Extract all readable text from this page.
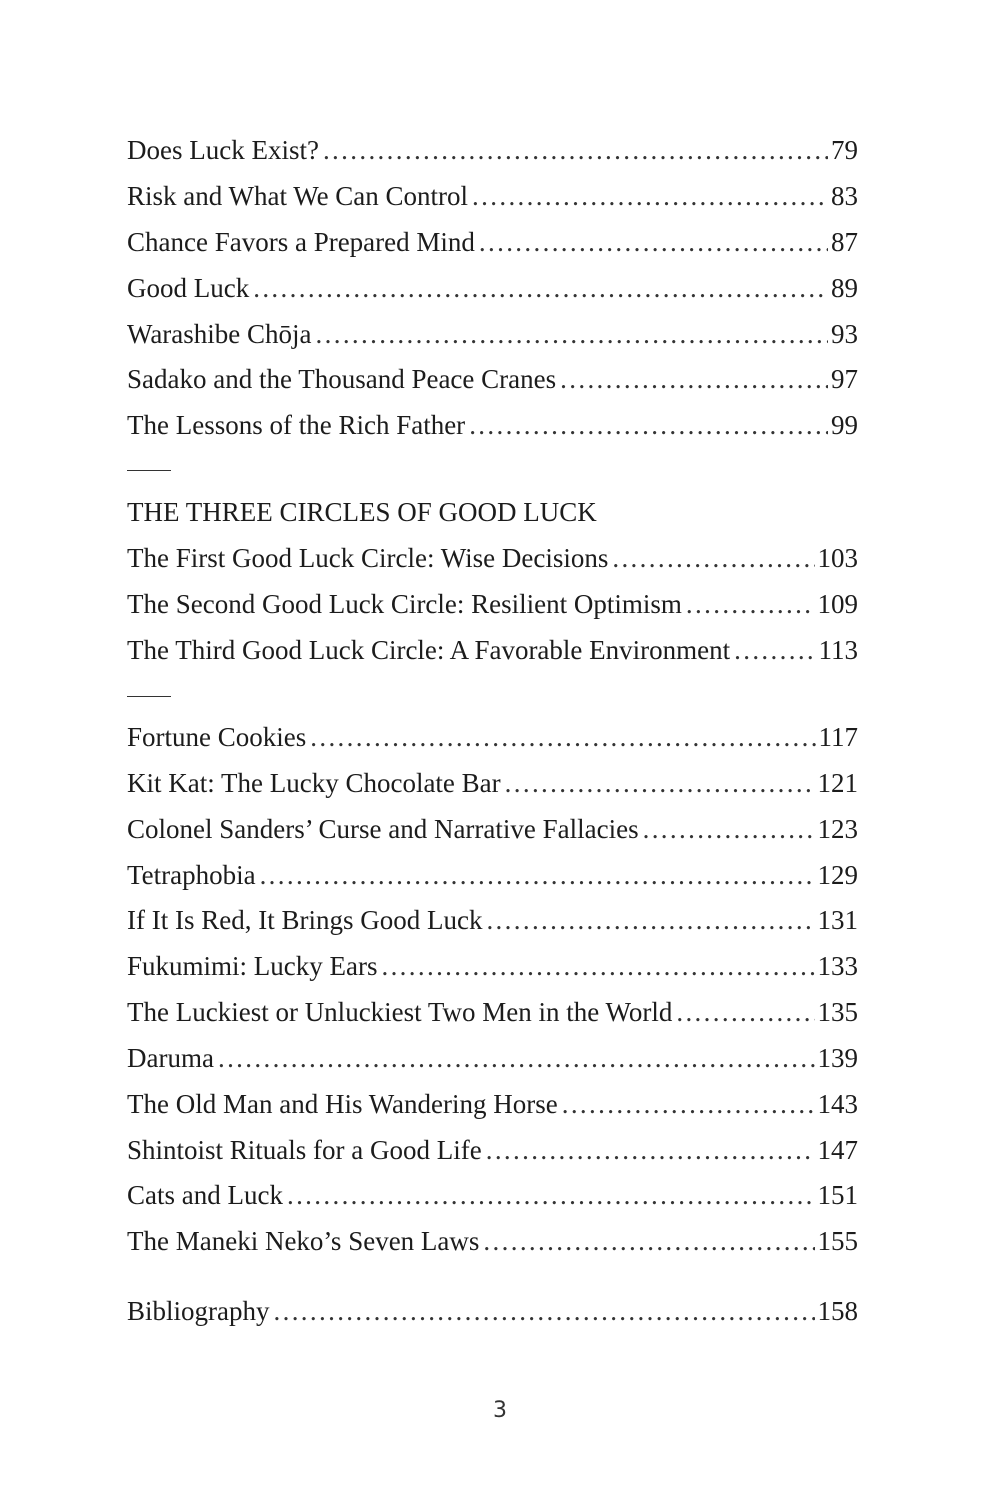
Does Luck Exist? . . .	79
Risk and What We Can Control . . .	83
Chance Favors a Prepared Mind . . .	87
Good Luck . . .	89
Warashibe Chōja . . .	93
Sadako and the Thousand Peace Cranes . . .	97
The Lessons of the Rich Father . . .	99
THE THREE CIRCLES OF GOOD LUCK
The First Good Luck Circle: Wise Decisions . . .	103
The Second Good Luck Circle: Resilient Optimism . . .	109
The Third Good Luck Circle: A Favorable Environment . . .	113
Fortune Cookies . . .	117
Kit Kat: The Lucky Chocolate Bar . . .	121
Colonel Sanders’ Curse and Narrative Fallacies . . .	123
Tetraphobia . . .	129
If It Is Red, It Brings Good Luck . . .	131
Fukumimi: Lucky Ears . . .	133
The Luckiest or Unluckiest Two Men in the World . . .	135
Daruma . . .	139
The Old Man and His Wandering Horse . . .	143
Shintoist Rituals for a Good Life . . .	147
Cats and Luck . . .	151
The Maneki Neko’s Seven Laws . . .	155
Bibliography . . .	158
3
